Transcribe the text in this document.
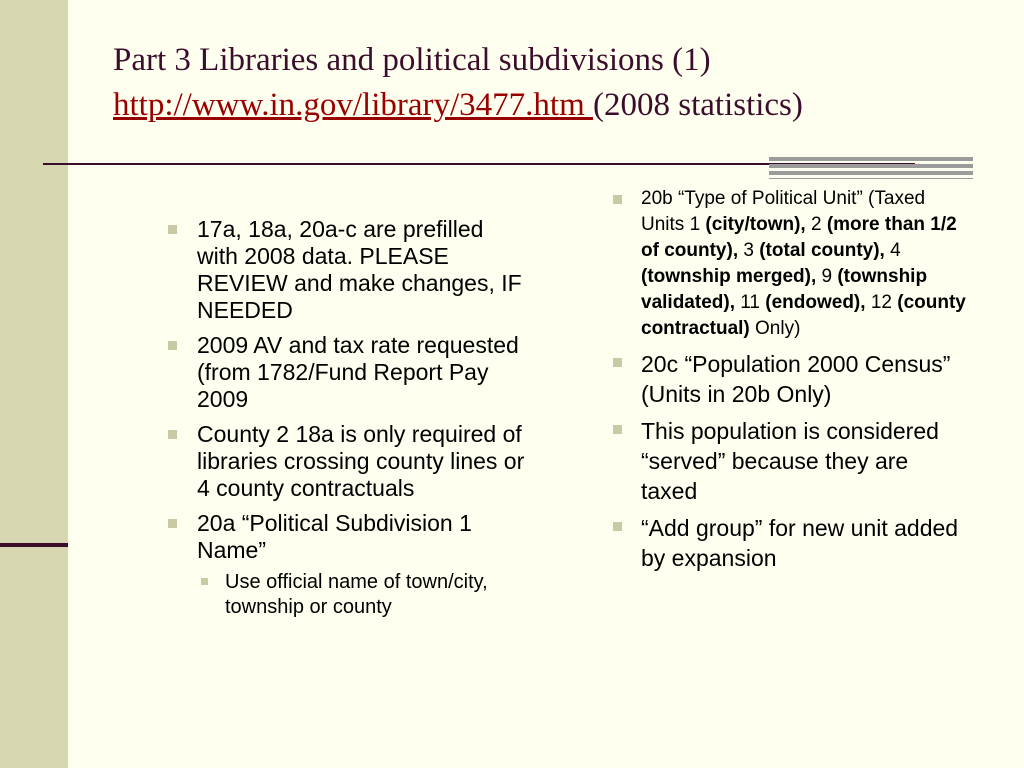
Part 3 Libraries and political subdivisions (1)
http://www.in.gov/library/3477.htm (2008 statistics)
17a, 18a, 20a-c are prefilled with 2008 data. PLEASE REVIEW and make changes, IF NEEDED
2009 AV and tax rate requested (from 1782/Fund Report Pay 2009
County 2 18a is only required of libraries crossing county lines or 4 county contractuals
20a “Political Subdivision 1 Name”
Use official name of town/city, township or county
20b “Type of Political Unit” (Taxed Units 1 (city/town), 2 (more than 1/2 of county), 3 (total county), 4 (township merged), 9 (township validated), 11 (endowed), 12 (county contractual) Only)
20c “Population 2000 Census” (Units in 20b Only)
This population is considered “served” because they are taxed
“Add group” for new unit added by expansion
